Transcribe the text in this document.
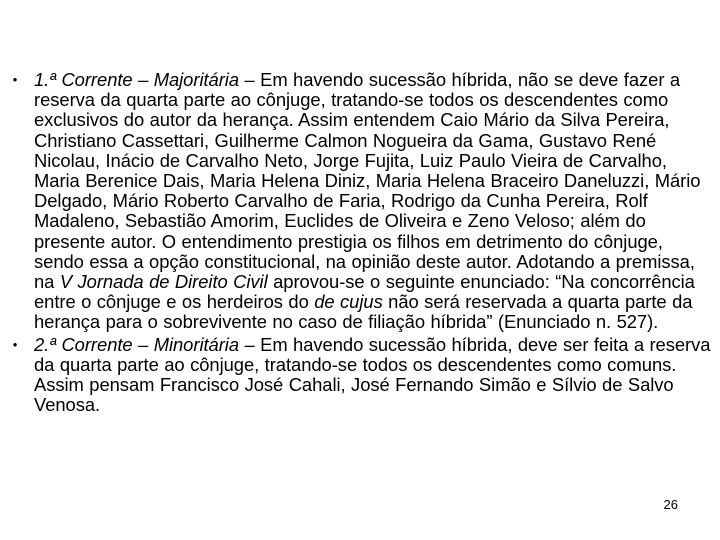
• 1.ª Corrente – Majoritária – Em havendo sucessão híbrida, não se deve fazer a reserva da quarta parte ao cônjuge, tratando-se todos os descendentes como exclusivos do autor da herança. Assim entendem Caio Mário da Silva Pereira, Christiano Cassettari, Guilherme Calmon Nogueira da Gama, Gustavo René Nicolau, Inácio de Carvalho Neto, Jorge Fujita, Luiz Paulo Vieira de Carvalho, Maria Berenice Dais, Maria Helena Diniz, Maria Helena Braceiro Daneluzzi, Mário Delgado, Mário Roberto Carvalho de Faria, Rodrigo da Cunha Pereira, Rolf Madaleno, Sebastião Amorim, Euclides de Oliveira e Zeno Veloso; além do presente autor. O entendimento prestigia os filhos em detrimento do cônjuge, sendo essa a opção constitucional, na opinião deste autor. Adotando a premissa, na V Jornada de Direito Civil aprovou-se o seguinte enunciado: “Na concorrência entre o cônjuge e os herdeiros do de cujus não será reservada a quarta parte da herança para o sobrevivente no caso de filiação híbrida” (Enunciado n. 527).
• 2.ª Corrente – Minoritária – Em havendo sucessão híbrida, deve ser feita a reserva da quarta parte ao cônjuge, tratando-se todos os descendentes como comuns. Assim pensam Francisco José Cahali, José Fernando Simão e Sílvio de Salvo Venosa.
26
